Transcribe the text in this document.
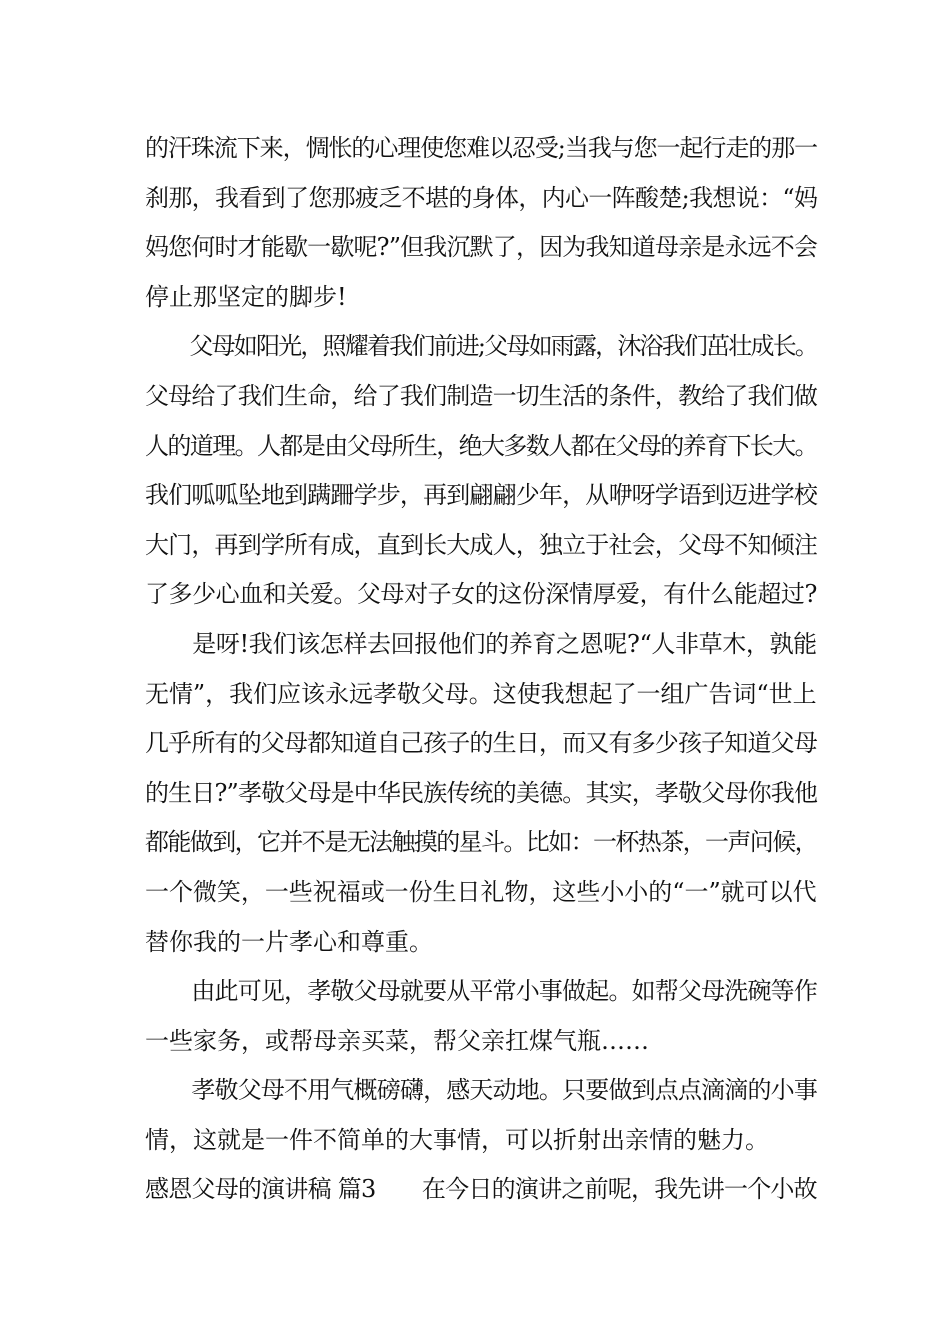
的汗珠流下来，惆怅的心理使您难以忍受;当我与您一起行走的那一
刹那，我看到了您那疲乏不堪的身体，内心一阵酸楚;我想说：“妈
妈您何时才能歇一歇呢?”但我沉默了，因为我知道母亲是永远不会
停止那坚定的脚步!
　　父母如阳光，照耀着我们前进;父母如雨露，沐浴我们茁壮成长。
父母给了我们生命，给了我们制造一切生活的条件，教给了我们做
人的道理。人都是由父母所生，绝大多数人都在父母的养育下长大。
我们呱呱坠地到蹒跚学步，再到翩翩少年，从咿呀学语到迈进学校
大门，再到学所有成，直到长大成人，独立于社会，父母不知倾注
了多少心血和关爱。父母对子女的这份深情厚爱，有什么能超过?
　　是呀!我们该怎样去回报他们的养育之恩呢?“人非草木，孰能
无情”，我们应该永远孝敬父母。这使我想起了一组广告词“世上
几乎所有的父母都知道自己孩子的生日，而又有多少孩子知道父母
的生日?”孝敬父母是中华民族传统的美德。其实，孝敬父母你我他
都能做到，它并不是无法触摸的星斗。比如：一杯热茶，一声问候，
一个微笑，一些祝福或一份生日礼物，这些小小的“一”就可以代
替你我的一片孝心和尊重。
　　由此可见，孝敬父母就要从平常小事做起。如帮父母洗碗等作
一些家务，或帮母亲买菜，帮父亲扛煤气瓶……
　　孝敬父母不用气概磅礴，感天动地。只要做到点点滴滴的小事
情，这就是一件不简单的大事情，可以折射出亲情的魅力。
感恩父母的演讲稿 篇3　　在今日的演讲之前呢，我先讲一个小故
